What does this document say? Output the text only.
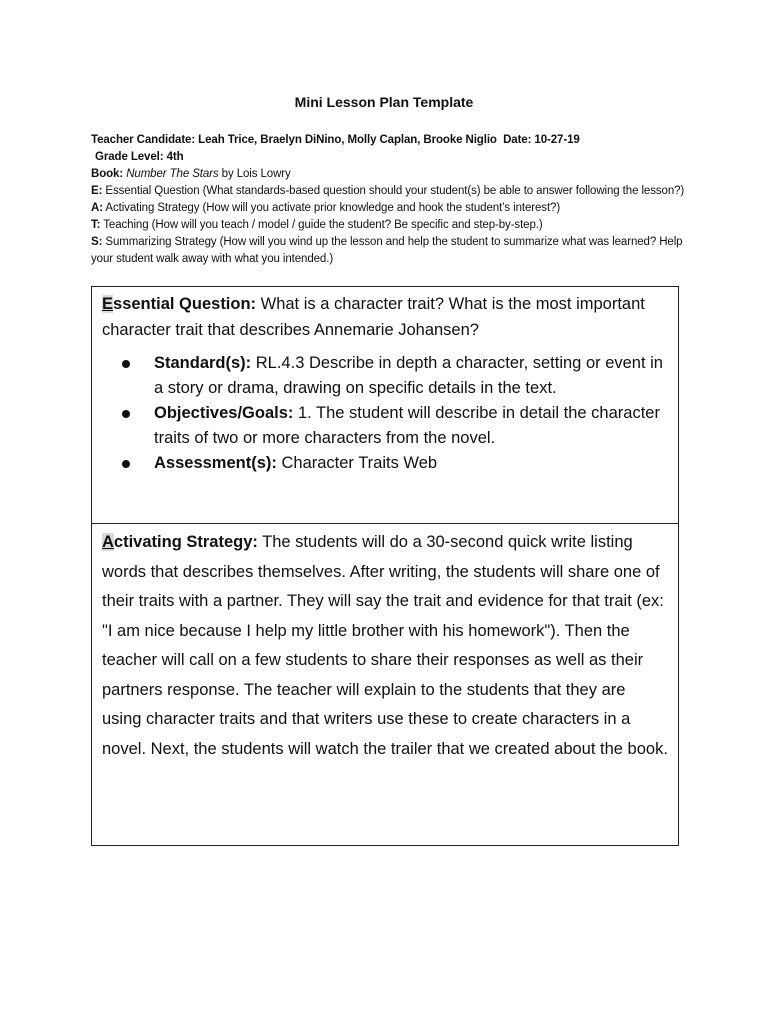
Mini Lesson Plan Template
Teacher Candidate: Leah Trice, Braelyn DiNino, Molly Caplan, Brooke Niglio Date: 10-27-19
Grade Level: 4th
Book: Number The Stars by Lois Lowry
E: Essential Question (What standards-based question should your student(s) be able to answer following the lesson?)
A: Activating Strategy (How will you activate prior knowledge and hook the student’s interest?)
T: Teaching (How will you teach / model / guide the student? Be specific and step-by-step.)
S: Summarizing Strategy (How will you wind up the lesson and help the student to summarize what was learned? Help your student walk away with what you intended.)
Essential Question: What is a character trait? What is the most important character trait that describes Annemarie Johansen?
Standard(s): RL.4.3 Describe in depth a character, setting or event in a story or drama, drawing on specific details in the text.
Objectives/Goals: 1. The student will describe in detail the character traits of two or more characters from the novel.
Assessment(s): Character Traits Web
Activating Strategy: The students will do a 30-second quick write listing words that describes themselves. After writing, the students will share one of their traits with a partner. They will say the trait and evidence for that trait (ex: "I am nice because I help my little brother with his homework"). Then the teacher will call on a few students to share their responses as well as their partners response. The teacher will explain to the students that they are using character traits and that writers use these to create characters in a novel. Next, the students will watch the trailer that we created about the book.
